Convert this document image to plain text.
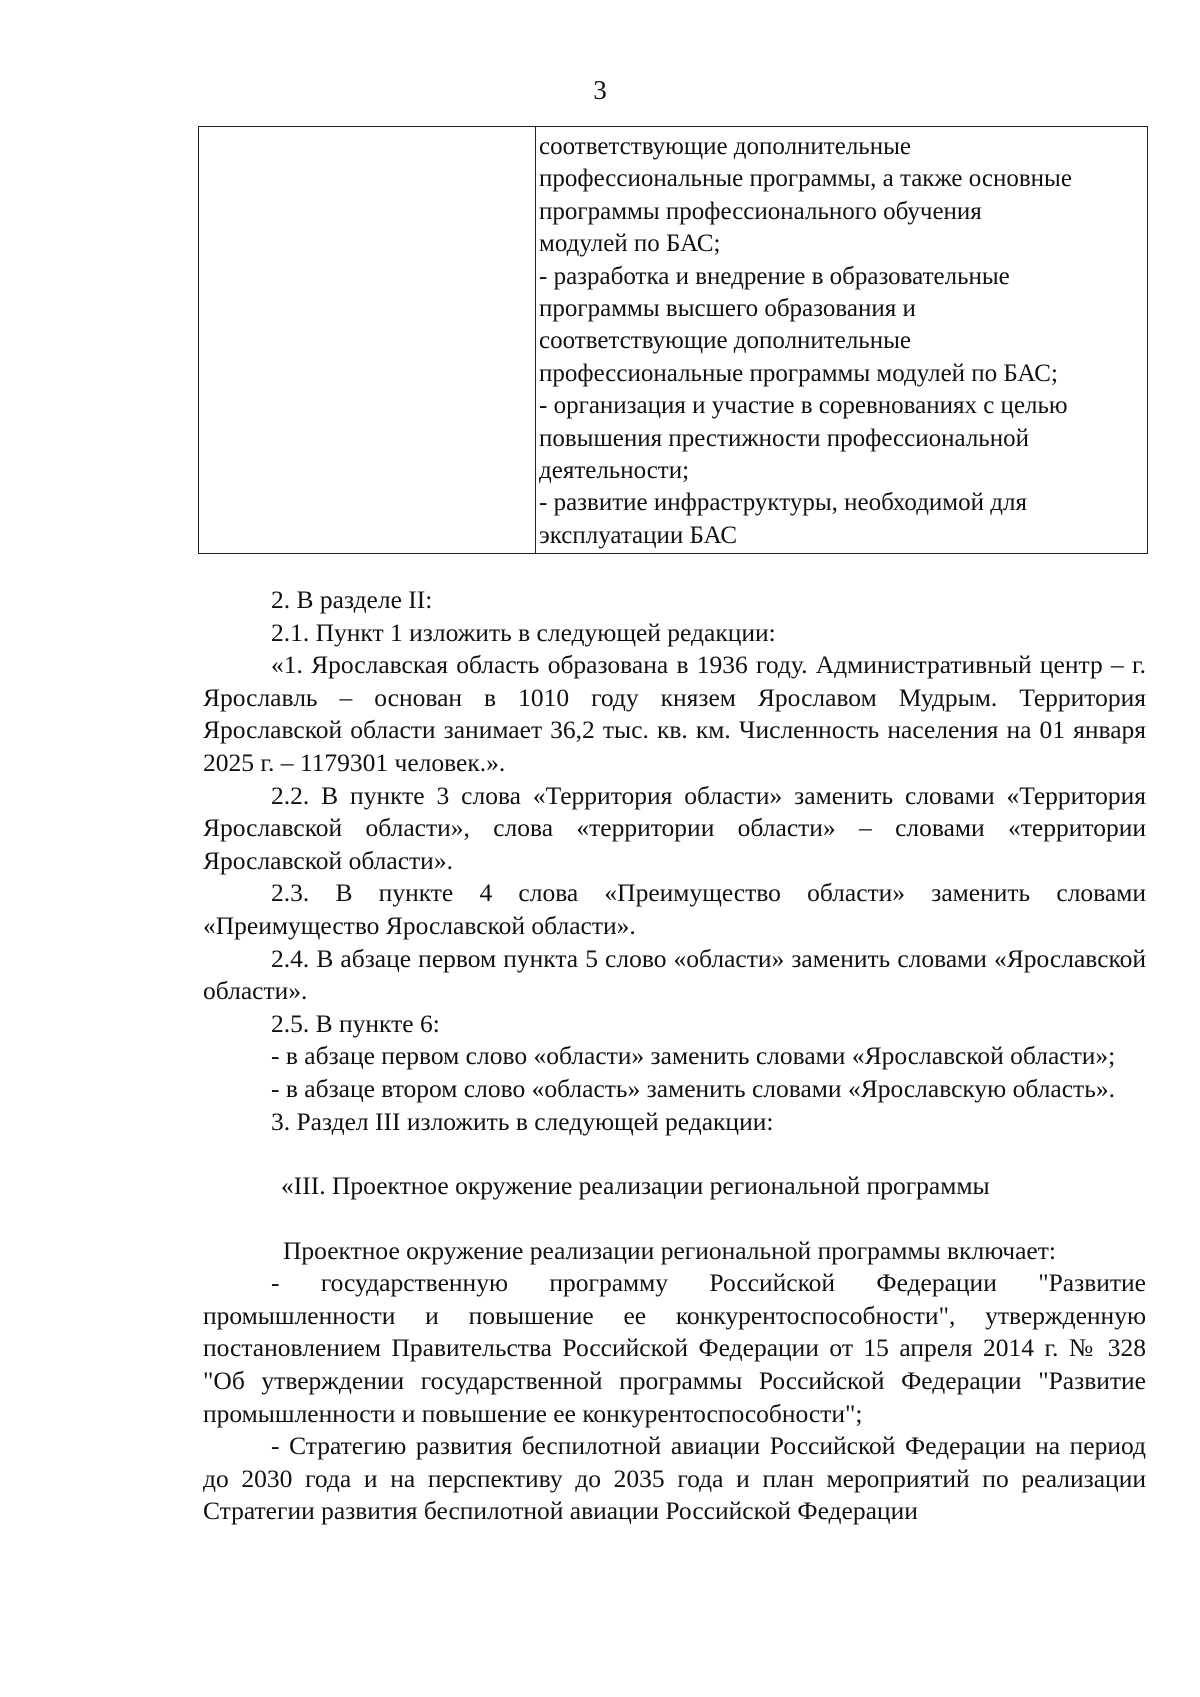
3
соответствующие дополнительные
профессиональные программы, а также основные
программы профессионального обучения
модулей по БАС;
- разработка и внедрение в образовательные
программы высшего образования и
соответствующие дополнительные
профессиональные программы модулей по БАС;
- организация и участие в соревнованиях с целью
повышения престижности профессиональной
деятельности;
- развитие инфраструктуры, необходимой для
эксплуатации БАС

2. В разделе II:

2.1. Пункт 1 изложить в следующей редакции:

«1. Ярославская область образована в 1936 году. Административный центр – г. Ярославль – основан в 1010 году князем Ярославом Мудрым. Территория Ярославской области занимает 36,2 тыс. кв. км. Численность населения на 01 января 2025 г. – 1179301 человек.».

2.2. В пункте 3 слова «Территория области» заменить словами «Территория Ярославской области», слова «территории области» – словами «территории Ярославской области».

2.3. В пункте 4 слова «Преимущество области» заменить словами «Преимущество Ярославской области».

2.4. В абзаце первом пункта 5 слово «области» заменить словами «Ярославской области».

2.5. В пункте 6:

- в абзаце первом слово «области» заменить словами «Ярославской области»;

- в абзаце втором слово «область» заменить словами «Ярославскую область».

3. Раздел III изложить в следующей редакции:

«III. Проектное окружение реализации региональной программы

Проектное окружение реализации региональной программы включает:

- государственную программу Российской Федерации "Развитие промышленности и повышение ее конкурентоспособности", утвержденную постановлением Правительства Российской Федерации от 15 апреля 2014 г. № 328 "Об утверждении государственной программы Российской Федерации "Развитие промышленности и повышение ее конкурентоспособности";

- Стратегию развития беспилотной авиации Российской Федерации на период до 2030 года и на перспективу до 2035 года и план мероприятий по реализации Стратегии развития беспилотной авиации Российской Федерации
